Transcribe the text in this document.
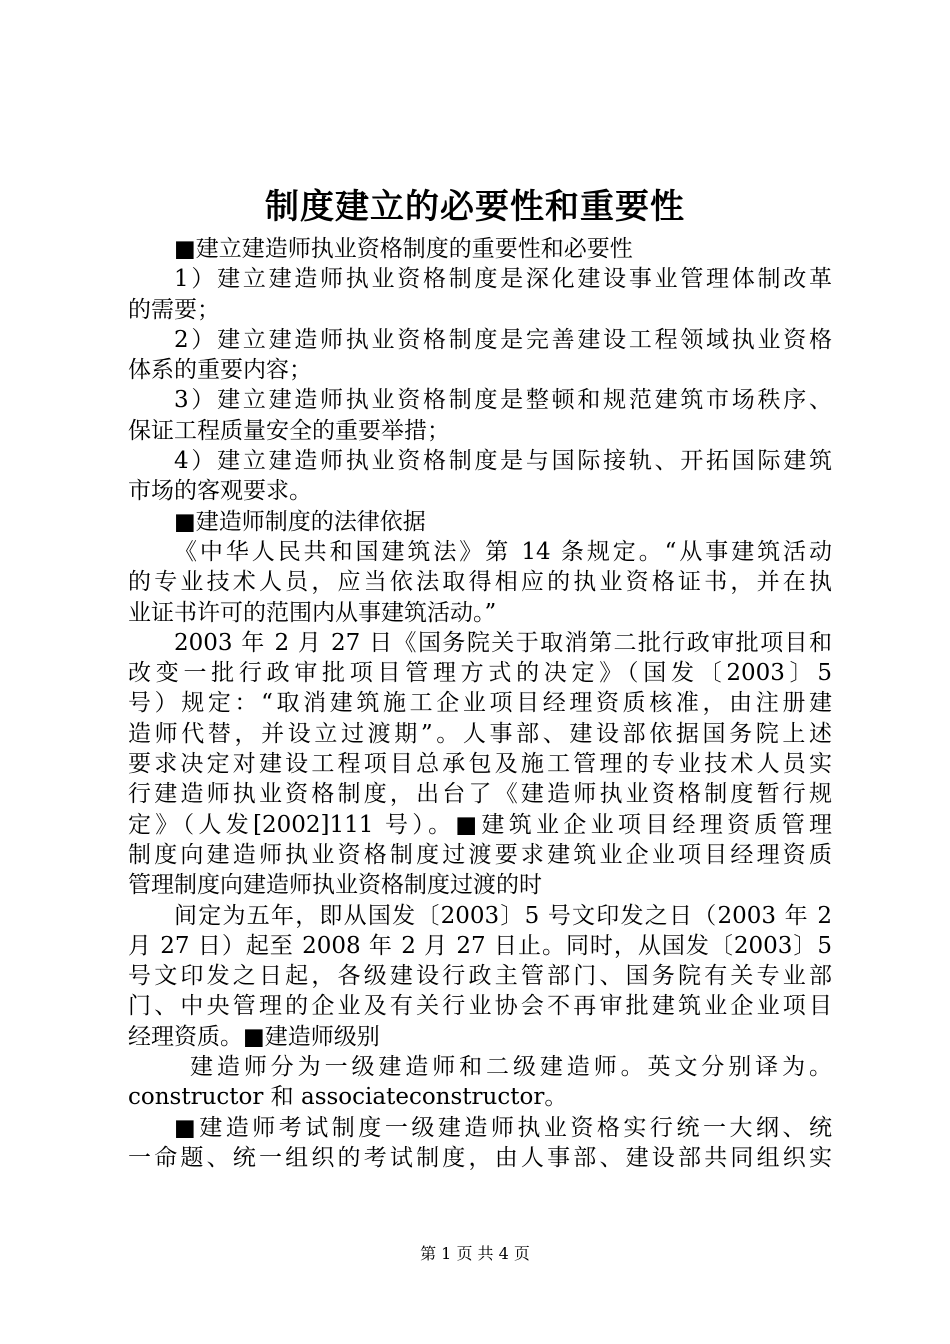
制度建立的必要性和重要性
■建立建造师执业资格制度的重要性和必要性
1）建立建造师执业资格制度是深化建设事业管理体制改革
的需要；
2）建立建造师执业资格制度是完善建设工程领域执业资格
体系的重要内容；
3）建立建造师执业资格制度是整顿和规范建筑市场秩序、
保证工程质量安全的重要举措；
4）建立建造师执业资格制度是与国际接轨、开拓国际建筑
市场的客观要求。
■建造师制度的法律依据
《中华人民共和国建筑法》第 14 条规定。“从事建筑活动
的专业技术人员，应当依法取得相应的执业资格证书，并在执
业证书许可的范围内从事建筑活动。”
2003 年 2 月 27 日《国务院关于取消第二批行政审批项目和
改变一批行政审批项目管理方式的决定》（国发〔2003〕5
号）规定：“取消建筑施工企业项目经理资质核准，由注册建
造师代替，并设立过渡期”。人事部、建设部依据国务院上述
要求决定对建设工程项目总承包及施工管理的专业技术人员实
行建造师执业资格制度，出台了《建造师执业资格制度暂行规
定》（人发[2002]111 号）。■建筑业企业项目经理资质管理
制度向建造师执业资格制度过渡要求建筑业企业项目经理资质
管理制度向建造师执业资格制度过渡的时
间定为五年，即从国发〔2003〕5 号文印发之日（2003 年 2
月 27 日）起至 2008 年 2 月 27 日止。同时，从国发〔2003〕5
号文印发之日起，各级建设行政主管部门、国务院有关专业部
门、中央管理的企业及有关行业协会不再审批建筑业企业项目
经理资质。■建造师级别
建造师分为一级建造师和二级建造师。英文分别译为。
constructor 和 associateconstructor。
■建造师考试制度一级建造师执业资格实行统一大纲、统
一命题、统一组织的考试制度，由人事部、建设部共同组织实
第 1 页 共 4 页
